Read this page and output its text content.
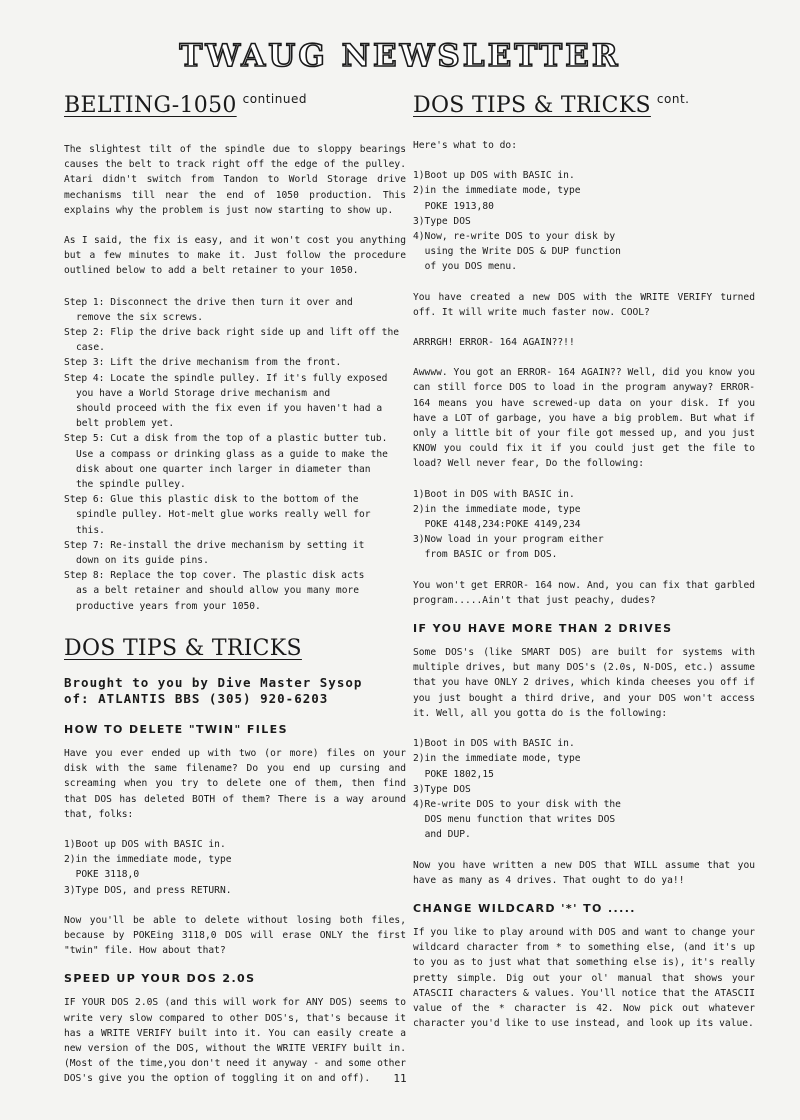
TWAUG NEWSLETTER
BELTING-1050 continued

The slightest tilt of the spindle due to sloppy bearings causes the belt to track right off the edge of the pulley. Atari didn't switch from Tandon to World Storage drive mechanisms till near the end of 1050 production. This explains why the problem is just now starting to show up.

As I said, the fix is easy, and it won't cost you anything but a few minutes to make it. Just follow the procedure outlined below to add a belt retainer to your 1050.

Step 1: Disconnect the drive then turn it over and
remove the six screws.
Step 2: Flip the drive back right side up and lift off the
case.
Step 3: Lift the drive mechanism from the front.
Step 4: Locate the spindle pulley. If it's fully exposed
you have a World Storage drive mechanism and
should proceed with the fix even if you haven't had a
belt problem yet.
Step 5: Cut a disk from the top of a plastic butter tub.
Use a compass or drinking glass as a guide to make the
disk about one quarter inch larger in diameter than
the spindle pulley.
Step 6: Glue this plastic disk to the bottom of the
spindle pulley. Hot-melt glue works really well for
this.
Step 7: Re-install the drive mechanism by setting it
down on its guide pins.
Step 8: Replace the top cover. The plastic disk acts
as a belt retainer and should allow you many more
productive years from your 1050.
DOS TIPS & TRICKS
Brought to you by Dive Master Sysop
of: ATLANTIS BBS (305) 920-6203
HOW TO DELETE "TWIN" FILES

Have you ever ended up with two (or more) files on your disk with the same filename? Do you end up cursing and screaming when you try to delete one of them, then find that DOS has deleted BOTH of them? There is a way around that, folks:

1)Boot up DOS with BASIC in.
2)in the immediate mode, type
POKE 3118,0
3)Type DOS, and press RETURN.

Now you'll be able to delete without losing both files, because by POKEing 3118,0 DOS will erase ONLY the first "twin" file. How about that?

SPEED UP YOUR DOS 2.0S

IF YOUR DOS 2.0S (and this will work for ANY DOS) seems to write very slow compared to other DOS's, that's because it has a WRITE VERIFY built into it. You can easily create a new version of the DOS, without the WRITE VERIFY built in. (Most of the time,you don't need it anyway - and some other DOS's give you the option of toggling it on and off).

DOS TIPS & TRICKS cont.

Here's what to do:

1)Boot up DOS with BASIC in.
2)in the immediate mode, type
POKE 1913,80
3)Type DOS
4)Now, re-write DOS to your disk by
using the Write DOS & DUP function
of you DOS menu.

You have created a new DOS with the WRITE VERIFY turned off. It will write much faster now. COOL?

ARRRGH! ERROR- 164 AGAIN??!!

Awwww. You got an ERROR- 164 AGAIN?? Well, did you know you can still force DOS to load in the program anyway? ERROR- 164 means you have screwed-up data on your disk. If you have a LOT of garbage, you have a big problem. But what if only a little bit of your file got messed up, and you just KNOW you could fix it if you could just get the file to load? Well never fear, Do the following:

1)Boot in DOS with BASIC in.
2)in the immediate mode, type
POKE 4148,234:POKE 4149,234
3)Now load in your program either
from BASIC or from DOS.

You won't get ERROR- 164 now. And, you can fix that garbled program.....Ain't that just peachy, dudes?

IF YOU HAVE MORE THAN 2 DRIVES

Some DOS's (like SMART DOS) are built for systems with multiple drives, but many DOS's (2.0s, N-DOS, etc.) assume that you have ONLY 2 drives, which kinda cheeses you off if you just bought a third drive, and your DOS won't access it. Well, all you gotta do is the following:

1)Boot in DOS with BASIC in.
2)in the immediate mode, type
POKE 1802,15
3)Type DOS
4)Re-write DOS to your disk with the
DOS menu function that writes DOS
and DUP.

Now you have written a new DOS that WILL assume that you have as many as 4 drives. That ought to do ya!!

CHANGE WILDCARD '*' TO .....

If you like to play around with DOS and want to change your wildcard character from * to something else, (and it's up to you as to just what that something else is), it's really pretty simple. Dig out your ol' manual that shows your ATASCII characters & values. You'll notice that the ATASCII value of the * character is 42. Now pick out whatever character you'd like to use instead, and look up its value.

11
